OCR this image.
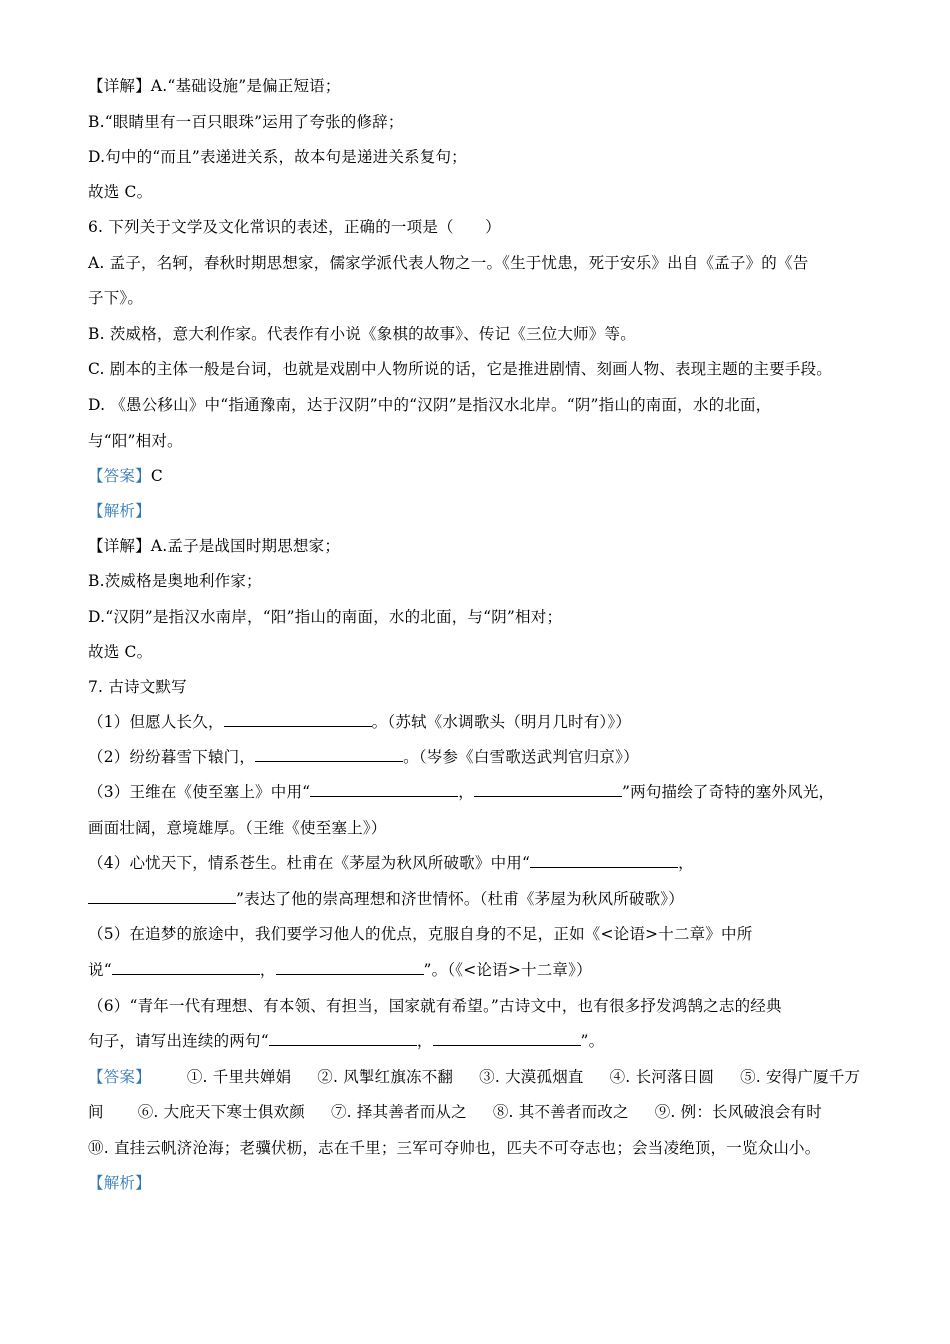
【详解】A.“基础设施”是偏正短语；
B.“眼睛里有一百只眼珠”运用了夸张的修辞；
D.句中的“而且”表递进关系，故本句是递进关系复句；
故选 C。
6. 下列关于文学及文化常识的表述，正确的一项是（　　）
A. 孟子，名轲，春秋时期思想家，儒家学派代表人物之一。《生于忧患，死于安乐》出自《孟子》的《告
子下》。
B. 茨威格，意大利作家。代表作有小说《象棋的故事》、传记《三位大师》等。
C. 剧本的主体一般是台词，也就是戏剧中人物所说的话，它是推进剧情、刻画人物、表现主题的主要手段。
D. 《愚公移山》中“指通豫南，达于汉阴”中的“汉阴”是指汉水北岸。“阴”指山的南面，水的北面，
与“阳”相对。
【答案】C
【解析】
【详解】A.孟子是战国时期思想家；
B.茨威格是奥地利作家；
D.“汉阴”是指汉水南岸，“阳”指山的南面，水的北面，与“阴”相对；
故选 C。
7. 古诗文默写
（1）但愿人长久，	。（苏轼《水调歌头（明月几时有）》）
（2）纷纷暮雪下辕门，	。（岑参《白雪歌送武判官归京》）
（3）王维在《使至塞上》中用“	，	”两句描绘了奇特的塞外风光，
画面壮阔，意境雄厚。（王维《使至塞上》）
（4）心忧天下，情系苍生。杜甫在《茅屋为秋风所破歌》中用“	，
”表达了他的崇高理想和济世情怀。（杜甫《茅屋为秋风所破歌》）
（5）在追梦的旅途中，我们要学习他人的优点，克服自身的不足，正如《<论语>十二章》中所
说“	，	”。（《<论语>十二章》）
（6）“青年一代有理想、有本领、有担当，国家就有希望。”古诗文中，也有很多抒发鸿鹄之志的经典
句子，请写出连续的两句“	，	”。
【答案】 ①. 千里共婵娟 ②. 风掣红旗冻不翻 ③. 大漠孤烟直 ④. 长河落日圆 ⑤. 安得广厦千万
间 ⑥. 大庇天下寒士俱欢颜 ⑦. 择其善者而从之 ⑧. 其不善者而改之 ⑨. 例：长风破浪会有时
⑩. 直挂云帆济沧海；老骥伏枥，志在千里；三军可夺帅也，匹夫不可夺志也；会当凌绝顶，一览众山小。
【解析】
